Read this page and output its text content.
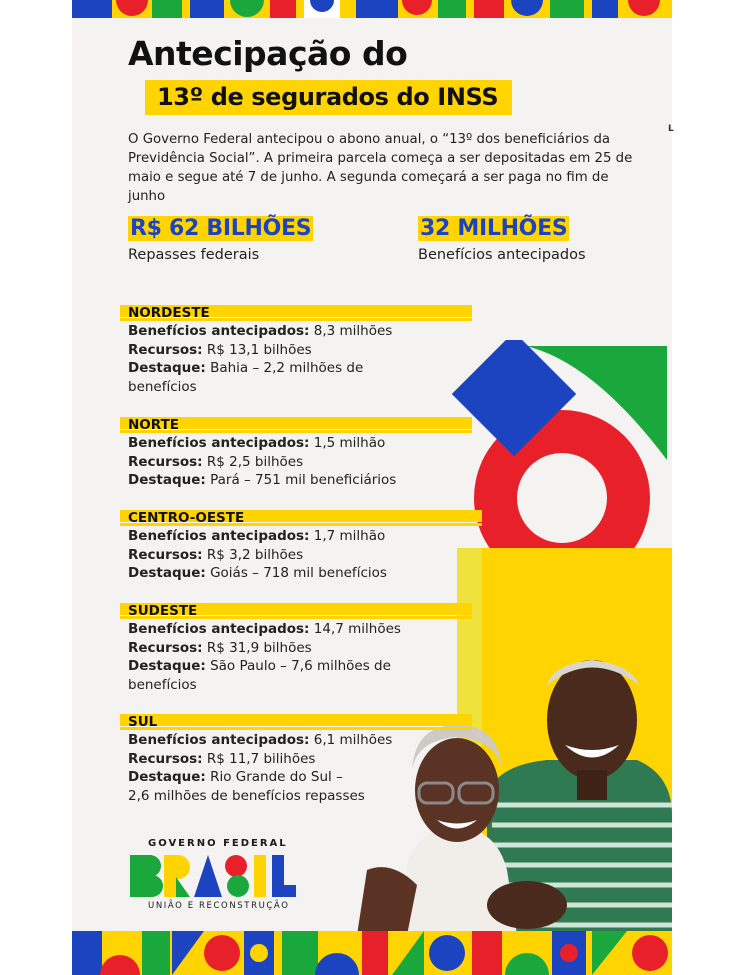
Antecipação do
13º de segurados do INSS
O Governo Federal antecipou o abono anual, o “13º dos beneficiários da Previdência Social”. A primeira parcela começa a ser depositadas em 25 de maio e segue até 7 de junho. A segunda começará a ser paga no fim de junho
R$ 62 BILHÕES
Repasses federais
32 MILHÕES
Benefícios antecipados
NORDESTE
Benefícios antecipados: 8,3 milhões
Recursos: R$ 13,1 bilhões
Destaque: Bahia – 2,2 milhões de
benefícios
NORTE
Benefícios antecipados: 1,5 milhão
Recursos: R$ 2,5 bilhões
Destaque: Pará – 751 mil beneficiários
CENTRO-OESTE
Benefícios antecipados: 1,7 milhão
Recursos: R$ 3,2 bilhões
Destaque: Goiás – 718 mil benefícios
SUDESTE
Benefícios antecipados: 14,7 milhões
Recursos: R$ 31,9 bilhões
Destaque: São Paulo – 7,6 milhões de
benefícios
SUL
Benefícios antecipados: 6,1 milhões
Recursos: R$ 11,7 bilihões
Destaque: Rio Grande do Sul –
2,6 milhões de benefícios repasses
GOVERNO FEDERAL
UNIÃO E RECONSTRUÇÃO
L
